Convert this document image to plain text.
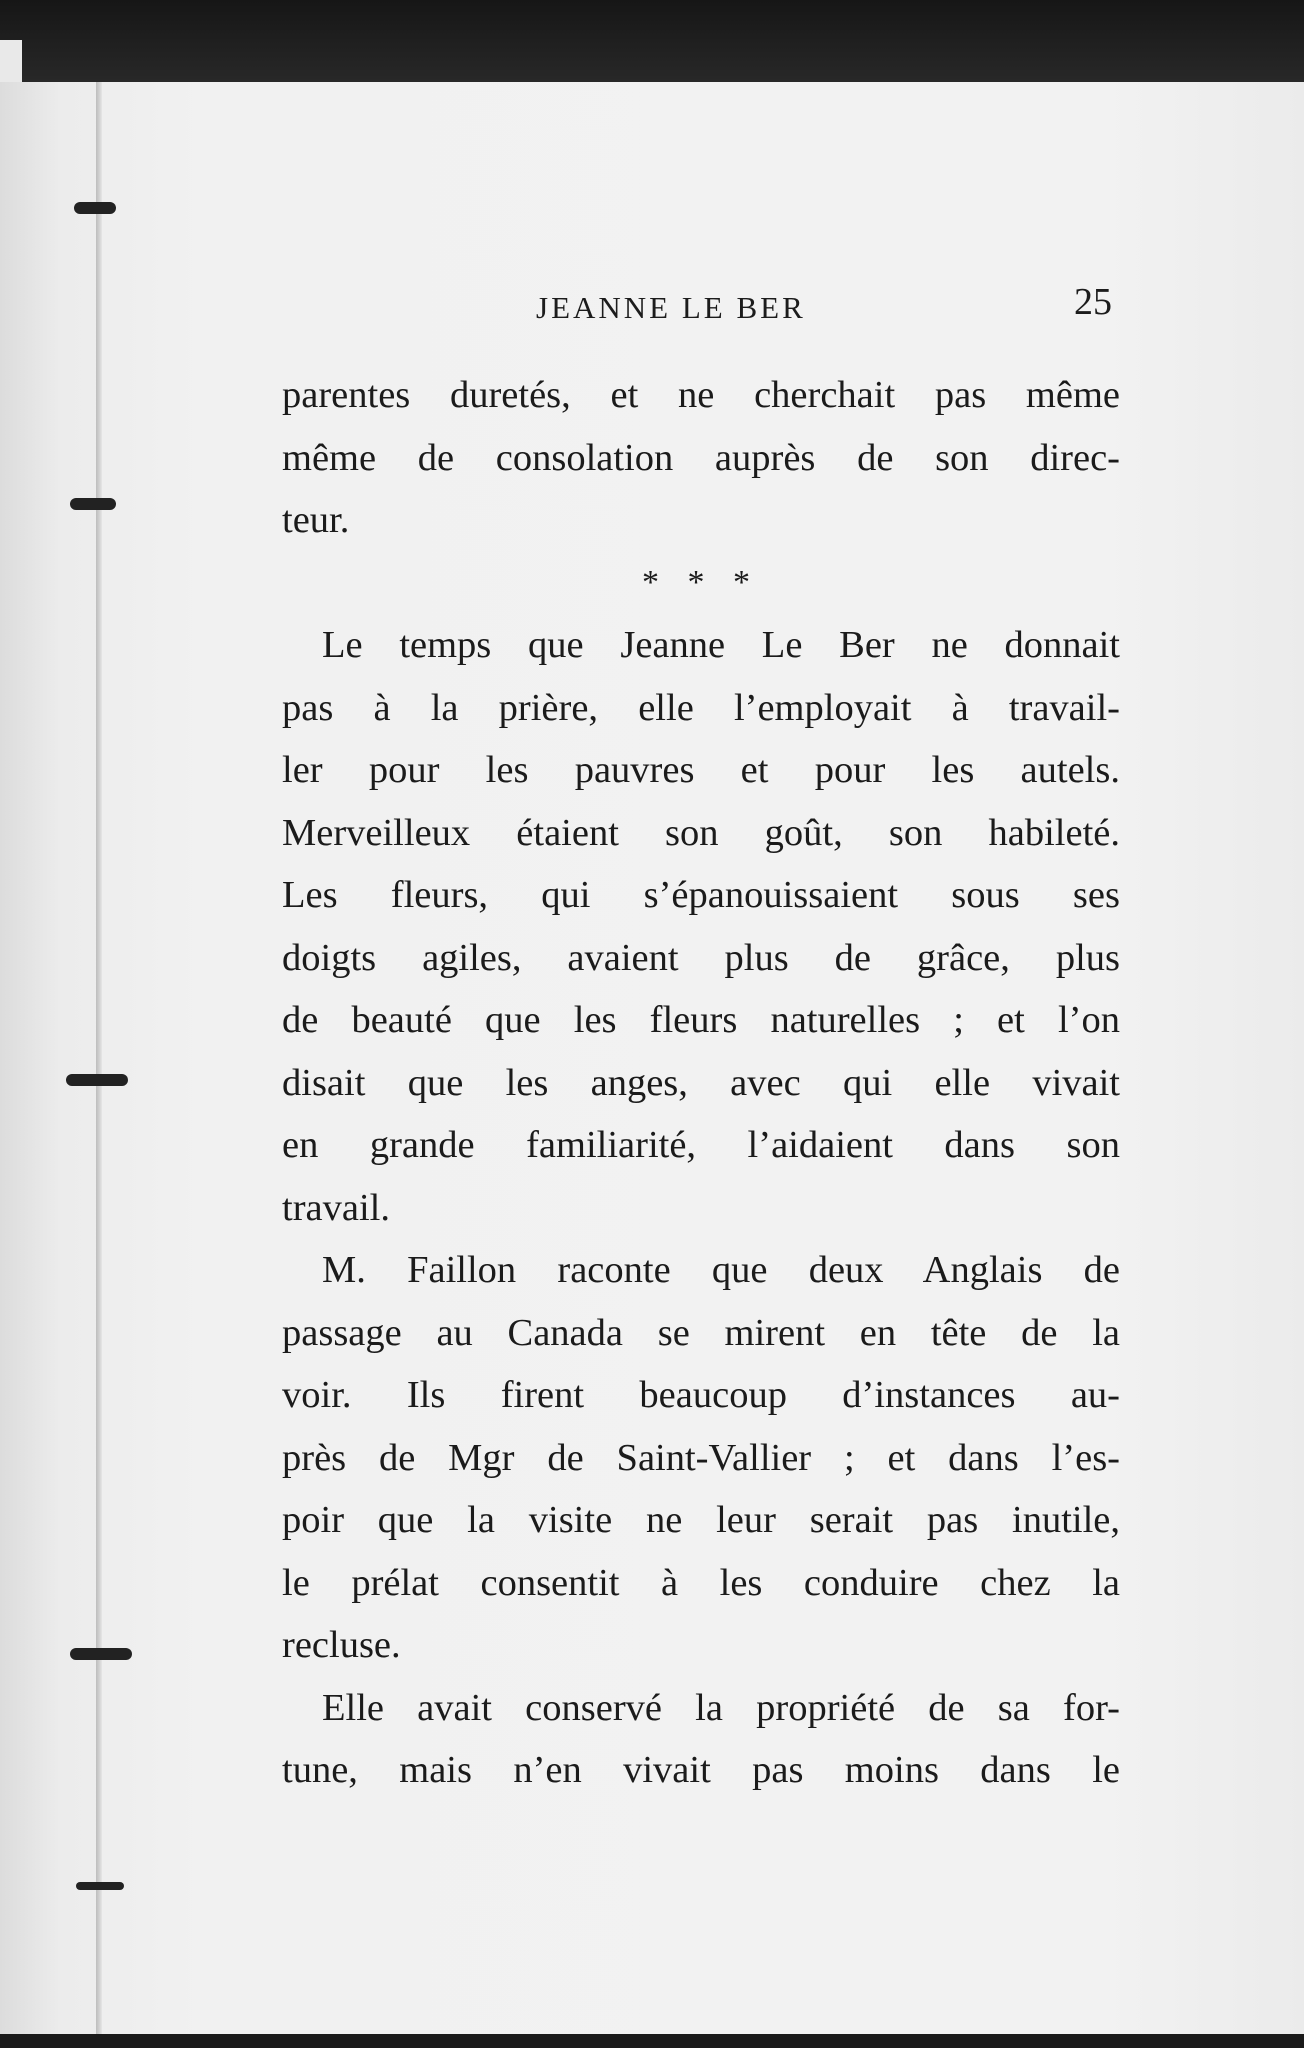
JEANNE LE BER	25

parentes duretés, et ne cherchait pas même
même de consolation auprès de son direc-
teur.

* * *

Le temps que Jeanne Le Ber ne donnait
pas à la prière, elle l’employait à travail-
ler pour les pauvres et pour les autels.
Merveilleux étaient son goût, son habileté.
Les fleurs, qui s’épanouissaient sous ses
doigts agiles, avaient plus de grâce, plus
de beauté que les fleurs naturelles ; et l’on
disait que les anges, avec qui elle vivait
en grande familiarité, l’aidaient dans son
travail.

M. Faillon raconte que deux Anglais de
passage au Canada se mirent en tête de la
voir. Ils firent beaucoup d’instances au-
près de Mgr de Saint-Vallier ; et dans l’es-
poir que la visite ne leur serait pas inutile,
le prélat consentit à les conduire chez la
recluse.

Elle avait conservé la propriété de sa for-
tune, mais n’en vivait pas moins dans le
